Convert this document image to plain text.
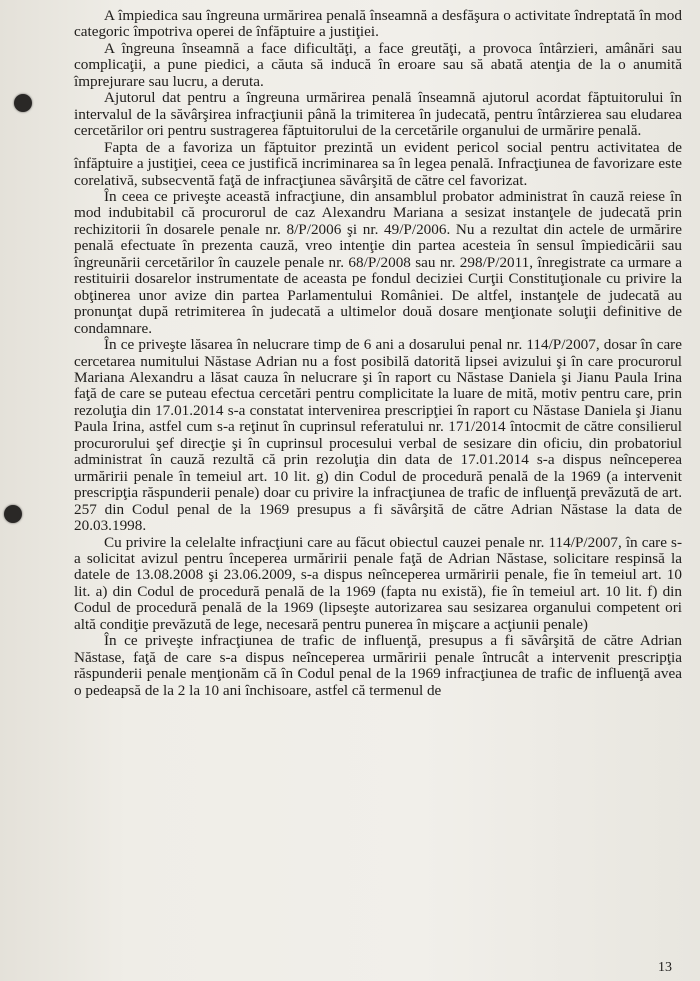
A împiedica sau îngreuna urmărirea penală înseamnă a desfăşura o activitate îndreptată în mod categoric împotriva operei de înfăptuire a justiţiei.

A îngreuna înseamnă a face dificultăţi, a face greutăţi, a provoca întârzieri, amânări sau complicaţii, a pune piedici, a căuta să inducă în eroare sau să abată atenţia de la o anumită împrejurare sau lucru, a deruta.

Ajutorul dat pentru a îngreuna urmărirea penală înseamnă ajutorul acordat făptuitorului în intervalul de la săvârşirea infracţiunii până la trimiterea în judecată, pentru întârzierea sau eludarea cercetărilor ori pentru sustragerea făptuitorului de la cercetările organului de urmărire penală.

Fapta de a favoriza un făptuitor prezintă un evident pericol social pentru activitatea de înfăptuire a justiţiei, ceea ce justifică incriminarea sa în legea penală. Infracţiunea de favorizare este corelativă, subsecventă faţă de infracţiunea săvârşită de către cel favorizat.

În ceea ce priveşte această infracţiune, din ansamblul probator administrat în cauză reiese în mod indubitabil că procurorul de caz Alexandru Mariana a sesizat instanţele de judecată prin rechizitorii în dosarele penale nr. 8/P/2006 şi nr. 49/P/2006. Nu a rezultat din actele de urmărire penală efectuate în prezenta cauză, vreo intenţie din partea acesteia în sensul împiedicării sau îngreunării cercetărilor în cauzele penale nr. 68/P/2008 sau nr. 298/P/2011, înregistrate ca urmare a restituirii dosarelor instrumentate de aceasta pe fondul deciziei Curţii Constituţionale cu privire la obţinerea unor avize din partea Parlamentului României. De altfel, instanţele de judecată au pronunţat după retrimiterea în judecată a ultimelor două dosare menţionate soluţii definitive de condamnare.

În ce priveşte lăsarea în nelucrare timp de 6 ani a dosarului penal nr. 114/P/2007, dosar în care cercetarea numitului Năstase Adrian nu a fost posibilă datorită lipsei avizului şi în care procurorul Mariana Alexandru a lăsat cauza în nelucrare şi în raport cu Năstase Daniela şi Jianu Paula Irina faţă de care se puteau efectua cercetări pentru complicitate la luare de mită, motiv pentru care, prin rezoluţia din 17.01.2014 s-a constatat intervenirea prescripţiei în raport cu Năstase Daniela şi Jianu Paula Irina, astfel cum s-a reţinut în cuprinsul referatului nr. 171/2014 întocmit de către consilierul procurorului şef direcţie şi în cuprinsul procesului verbal de sesizare din oficiu, din probatoriul administrat în cauză rezultă că prin rezoluţia din data de 17.01.2014 s-a dispus neînceperea urmăririi penale în temeiul art. 10 lit. g) din Codul de procedură penală de la 1969 (a intervenit prescripţia răspunderii penale) doar cu privire la infracţiunea de trafic de influenţă prevăzută de art. 257 din Codul penal de la 1969 presupus a fi săvârşită de către Adrian Năstase la data de 20.03.1998.

Cu privire la celelalte infracţiuni care au făcut obiectul cauzei penale nr. 114/P/2007, în care s-a solicitat avizul pentru începerea urmăririi penale faţă de Adrian Năstase, solicitare respinsă la datele de 13.08.2008 şi 23.06.2009, s-a dispus neînceperea urmăririi penale, fie în temeiul art. 10 lit. a) din Codul de procedură penală de la 1969 (fapta nu există), fie în temeiul art. 10 lit. f) din Codul de procedură penală de la 1969 (lipseşte autorizarea sau sesizarea organului competent ori altă condiţie prevăzută de lege, necesară pentru punerea în mişcare a acţiunii penale)

În ce priveşte infracţiunea de trafic de influenţă, presupus a fi săvârşită de către Adrian Năstase, faţă de care s-a dispus neînceperea urmăririi penale întrucât a intervenit prescripţia răspunderii penale menţionăm că în Codul penal de la 1969 infracţiunea de trafic de influenţă avea o pedeapsă de la 2 la 10 ani închisoare, astfel că termenul de

13
